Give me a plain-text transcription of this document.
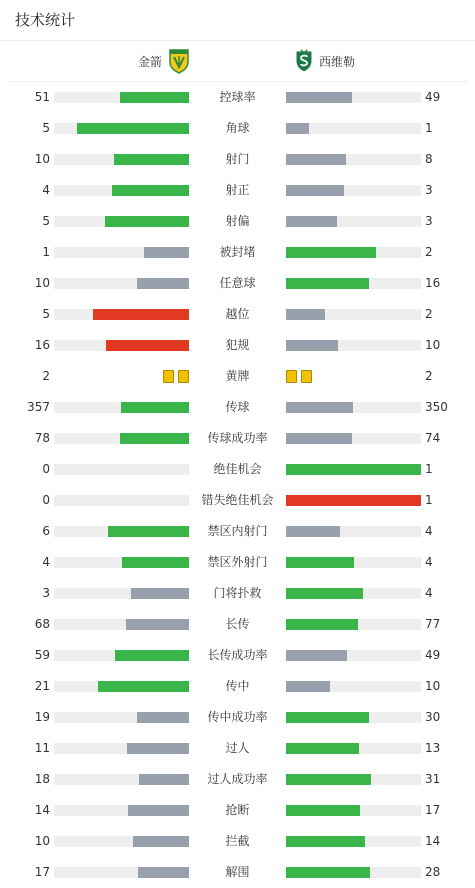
技术统计
金箭	西维勒
51	控球率	49
5	角球	1
10	射门	8
4	射正	3
5	射偏	3
1	被封堵	2
10	任意球	16
5	越位	2
16	犯规	10
2	黄牌	2
357	传球	350
78	传球成功率	74
0	绝佳机会	1
0	错失绝佳机会	1
6	禁区内射门	4
4	禁区外射门	4
3	门将扑救	4
68	长传	77
59	长传成功率	49
21	传中	10
19	传中成功率	30
11	过人	13
18	过人成功率	31
14	抢断	17
10	拦截	14
17	解围	28
